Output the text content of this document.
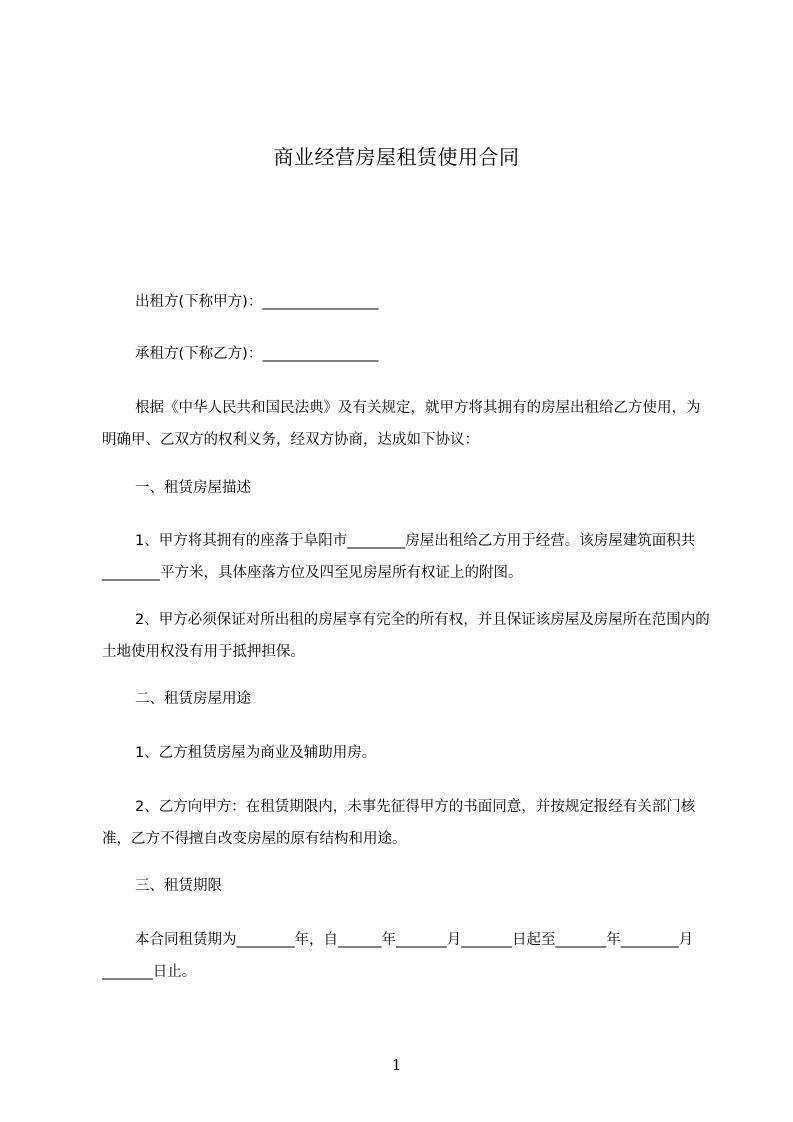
商业经营房屋租赁使用合同

出租方(下称甲方)：________________

承租方(下称乙方)：________________

根据《中华人民共和国民法典》及有关规定，就甲方将其拥有的房屋出租给乙方使用，为明确甲、乙双方的权利义务，经双方协商，达成如下协议：

一、租赁房屋描述

1、甲方将其拥有的座落于阜阳市________房屋出租给乙方用于经营。该房屋建筑面积共________平方米，具体座落方位及四至见房屋所有权证上的附图。

2、甲方必须保证对所出租的房屋享有完全的所有权，并且保证该房屋及房屋所在范围内的土地使用权没有用于抵押担保。

二、租赁房屋用途

1、乙方租赁房屋为商业及辅助用房。

2、乙方向甲方：在租赁期限内，未事先征得甲方的书面同意，并按规定报经有关部门核准，乙方不得擅自改变房屋的原有结构和用途。

三、租赁期限

本合同租赁期为________年，自______年_______月_______日起至_______年________月_______日止。

1
